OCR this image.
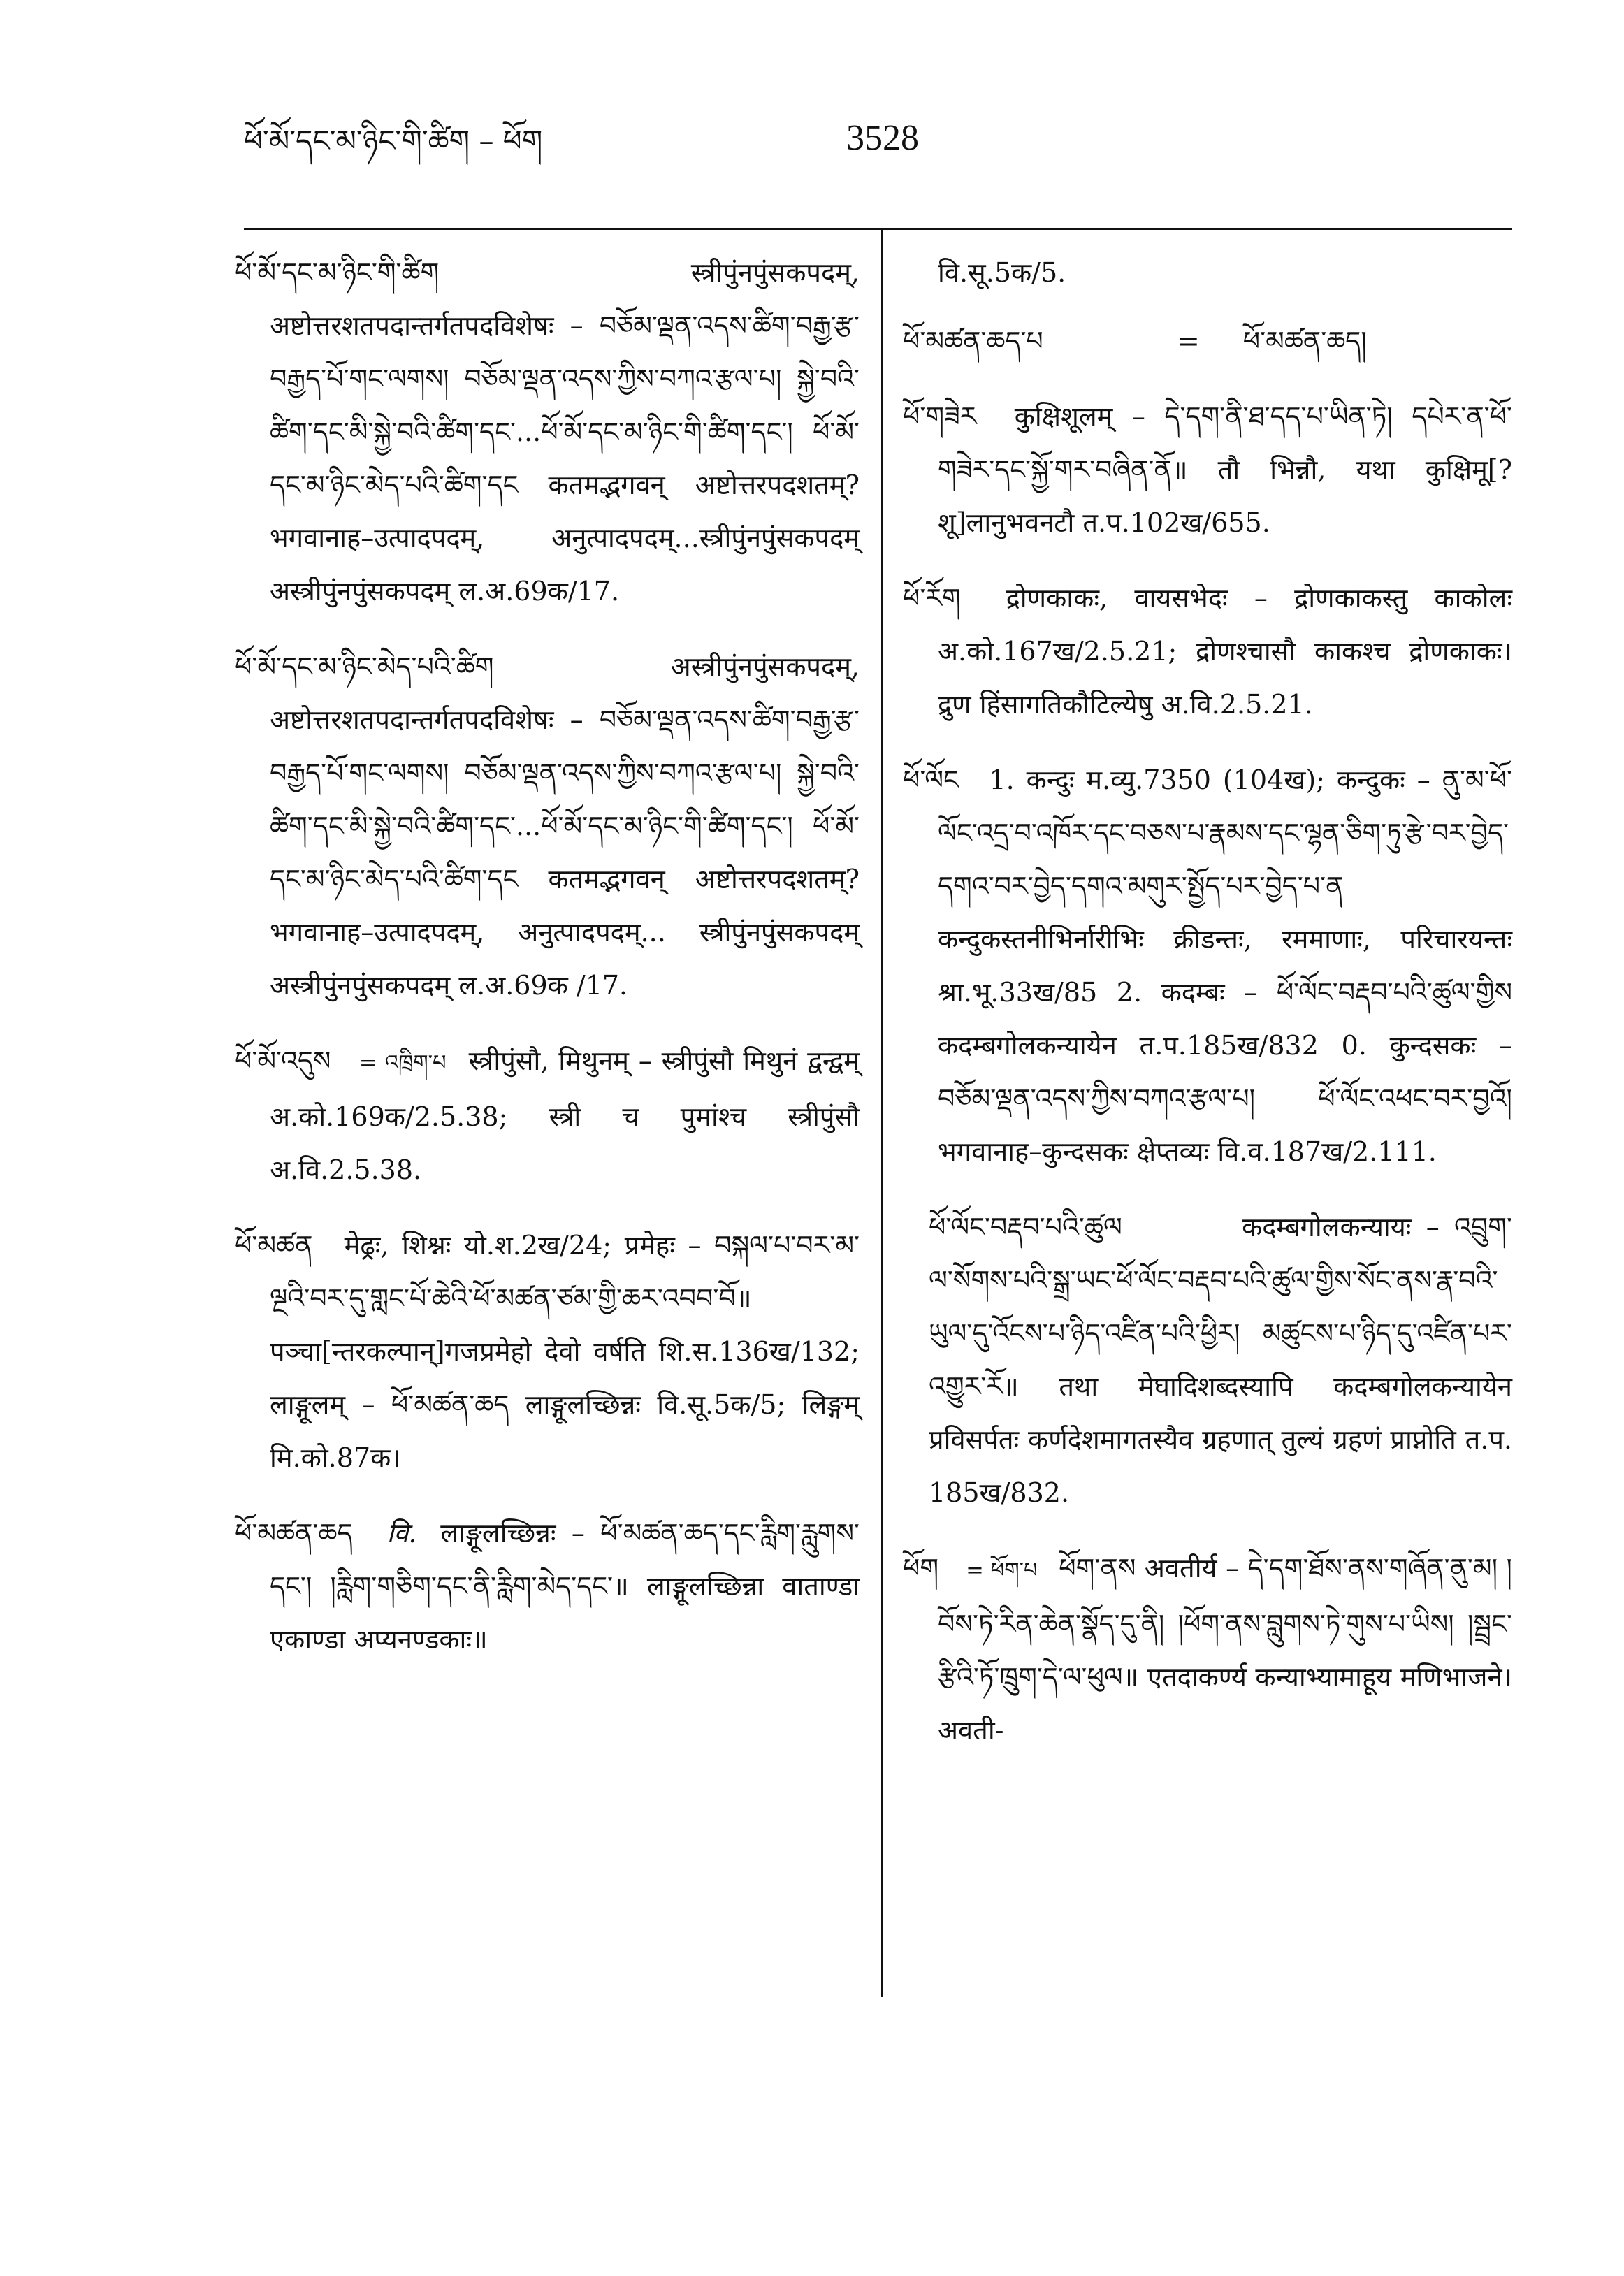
ཕོ་མོ་དང་མ་ཉིང་གི་ཚིག – ཕོག	3528

ཕོ་མོ་དང་མ་ཉིང་གི་ཚིག	स्त्रीपुंनपुंसकपदम्, अष्टोत्तरशतपदान्तर्गतपदविशेषः – བཅོམ་ལྡན་འདས་ཚིག་བརྒྱ་རྩ་བརྒྱད་པོ་གང་ལགས། བཅོམ་ལྡན་འདས་ཀྱིས་བཀའ་རྩལ་པ། སྐྱེ་བའི་ཚིག་དང་མི་སྐྱེ་བའི་ཚིག་དང་...ཕོ་མོ་དང་མ་ཉིང་གི་ཚིག་དང་། ཕོ་མོ་དང་མ་ཉིང་མེད་པའི་ཚིག་དང कतमद्भगवन् अष्टोत्तरपदशतम्? भगवानाह–उत्पादपदम्, अनुत्पादपदम्...स्त्रीपुंनपुंसकपदम् अस्त्रीपुंनपुंसकपदम् ल.अ.69क/17.

ཕོ་མོ་དང་མ་ཉིང་མེད་པའི་ཚིག	अस्त्रीपुंनपुंसकपदम्, अष्टोत्तरशतपदान्तर्गतपदविशेषः – བཅོམ་ལྡན་འདས་ཚིག་བརྒྱ་རྩ་བརྒྱད་པོ་གང་ལགས། བཅོམ་ལྡན་འདས་ཀྱིས་བཀའ་རྩལ་པ། སྐྱེ་བའི་ཚིག་དང་མི་སྐྱེ་བའི་ཚིག་དང་...ཕོ་མོ་དང་མ་ཉིང་གི་ཚིག་དང་། ཕོ་མོ་དང་མ་ཉིང་མེད་པའི་ཚིག་དང कतमद्भगवन् अष्टोत्तरपदशतम्? भगवानाह–उत्पादपदम्, अनुत्पादपदम्... स्त्रीपुंनपुंसकपदम् अस्त्रीपुंनपुंसकपदम् ल.अ.69क /17.

ཕོ་མོ་འདུས = འཁྲིག་པ स्त्रीपुंसौ, मिथुनम् – स्त्रीपुंसौ मिथुनं द्वन्द्वम् अ.को.169क/2.5.38; स्त्री च पुमांश्च स्त्रीपुंसौ अ.वि.2.5.38.

ཕོ་མཚན मेढ्रः, शिश्नः यो.श.2ख/24; प्रमेहः – བསྐལ་པ་བར་མ་ལྔའི་བར་དུ་གླང་པོ་ཆེའི་ཕོ་མཚན་ཙམ་གྱི་ཆར་འབབ་བོ॥ पञ्चा[न्तरकल्पान्]गजप्रमेहो देवो वर्षति शि.स.136ख/132; लाङ्गूलम् – ཕོ་མཚན་ཆད लाङ्गूलच्छिन्नः वि.सू.5क/5; लिङ्गम् मि.को.87क।

ཕོ་མཚན་ཆད वि. लाङ्गूलच्छिन्नः – ཕོ་མཚན་ཆད་དང་རླིག་རླུགས་དང་། །རླིག་གཅིག་དང་ནི་རླིག་མེད་དང་॥ लाङ्गूलच्छिन्ना वाताण्डा एकाण्डा अप्यनण्डकाः॥

वि.सू.5क/5.

ཕོ་མཚན་ཆད་པ	= ཕོ་མཚན་ཆད།

ཕོ་གཟེར कुक्षिशूलम् – དེ་དག་ནི་ཐ་དད་པ་ཡིན་ཏེ། དཔེར་ན་ཕོ་གཟེར་དང་སྐྱོ་གར་བཞིན་ནོ॥ तौ भिन्नौ, यथा कुक्षिमू[?शू]लानुभवनटौ त.प.102ख/655.

ཕོ་རོག द्रोणकाकः, वायसभेदः – द्रोणकाकस्तु काकोलः अ.को.167ख/2.5.21; द्रोणश्चासौ काकश्च द्रोणकाकः। द्रुण हिंसागतिकौटिल्येषु अ.वि.2.5.21.

ཕོ་ལོང 1. कन्दुः म.व्यु.7350 (104ख); कन्दुकः – ནུ་མ་ཕོ་ལོང་འདྲ་བ་འཁོར་དང་བཅས་པ་རྣམས་དང་ལྷན་ཅིག་ཏུ་རྩེ་བར་བྱེད་དགའ་བར་བྱེད་དགའ་མགུར་སྤྱོད་པར་བྱེད་པ་ན कन्दुकस्तनीभिर्नारीभिः क्रीडन्तः, रममाणाः, परिचारयन्तः श्रा.भू.33ख/85 2. कदम्बः – ཕོ་ལོང་བརྡབ་པའི་ཚུལ་གྱིས कदम्बगोलकन्यायेन त.प.185ख/832 0. कुन्दसकः – བཅོམ་ལྡན་འདས་ཀྱིས་བཀའ་རྩལ་པ། ཕོ་ལོང་འཕང་བར་བྱའོ། भगवानाह–कुन्दसकः क्षेप्तव्यः वि.व.187ख/2.111.

ཕོ་ལོང་བརྡབ་པའི་ཚུལ	कदम्बगोलकन्यायः – འབྲུག་ལ་སོགས་པའི་སྒྲ་ཡང་ཕོ་ལོང་བརྡབ་པའི་ཚུལ་གྱིས་སོང་ནས་རྣ་བའི་ཡུལ་དུ་འོངས་པ་ཉིད་འཛིན་པའི་ཕྱིར། མཚུངས་པ་ཉིད་དུ་འཛིན་པར་འགྱུར་རོ॥ तथा मेघादिशब्दस्यापि कदम्बगोलकन्यायेन प्रविसर्पतः कर्णदेशमागतस्यैव ग्रहणात् तुल्यं ग्रहणं प्राप्नोति त.प. 185ख/832.

ཕོག = ཕོག་པ ཕོག་ནས अवतीर्य – དེ་དག་ཐོས་ནས་གཞོན་ནུ་མ། །བོས་ཏེ་རིན་ཆེན་སྣོད་དུ་ནི། །ཕོག་ནས་བླུགས་ཏེ་གུས་པ་ཡིས། །སྦྲང་རྩིའི་ཏོ་ཁྲུག་དེ་ལ་ཕུལ॥ एतदाकर्ण्य कन्याभ्यामाहूय मणिभाजने। अवती-
